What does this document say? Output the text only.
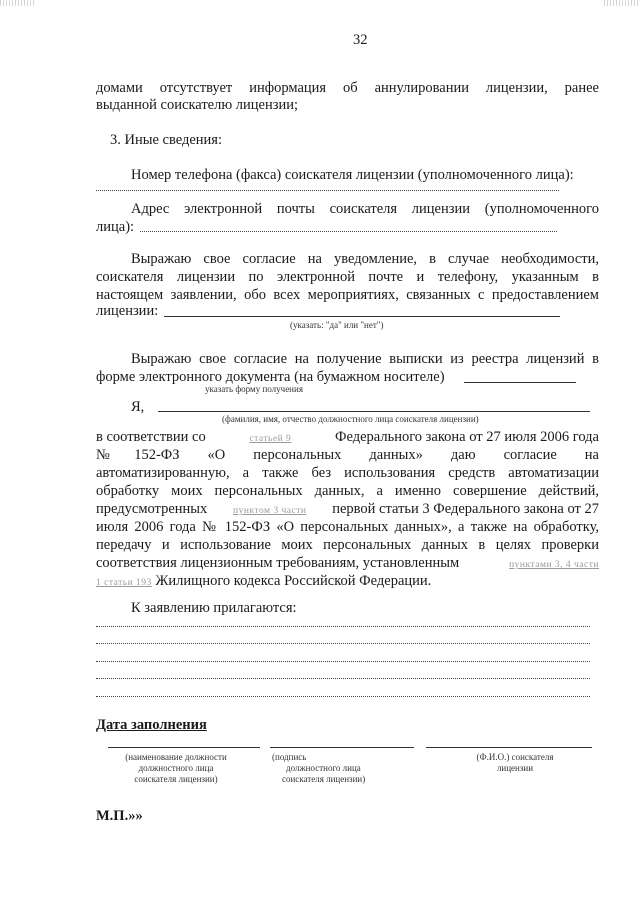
32
домами отсутствует информация об аннулировании лицензии, ранее
выданной соискателю лицензии;
3. Иные сведения:
Номер телефона (факса) соискателя лицензии (уполномоченного лица):
Адрес электронной почты соискателя лицензии (уполномоченного
лица):
Выражаю свое согласие на уведомление, в случае необходимости,
соискателя лицензии по электронной почте и телефону, указанным в
настоящем заявлении, обо всех мероприятиях, связанных с предоставлением
лицензии:
(указать: "да" или "нет")
Выражаю свое согласие на получение выписки из реестра лицензий в
форме электронного документа (на бумажном носителе)
указать форму получения
Я,
(фамилия, имя, отчество должностного лица соискателя лицензии)
в соответствии со	статьей 9	Федерального закона от 27 июля 2006 года
№152-ФЗ «О персональных данных» даю согласие на
автоматизированную, а также без использования средств автоматизации
обработку моих персональных данных, а именно совершение действий,
предусмотренных	пунктом 3 части первой статьи 3 Федерального закона от 27
июля 2006 года № 152-ФЗ «О персональных данных», а также на обработку,
передачу и использование моих персональных данных в целях проверки
соответствия лицензионным требованиям, установленным	пунктами 3, 4 части
1 статьи 193 Жилищного кодекса Российской Федерации.
К заявлению прилагаются:
Дата заполнения
(наименование должности
должностного лица
соискателя лицензии)
(подпись
должностного лица
соискателя лицензии)
(Ф.И.О.) соискателя
лицензии
М.П.»»
